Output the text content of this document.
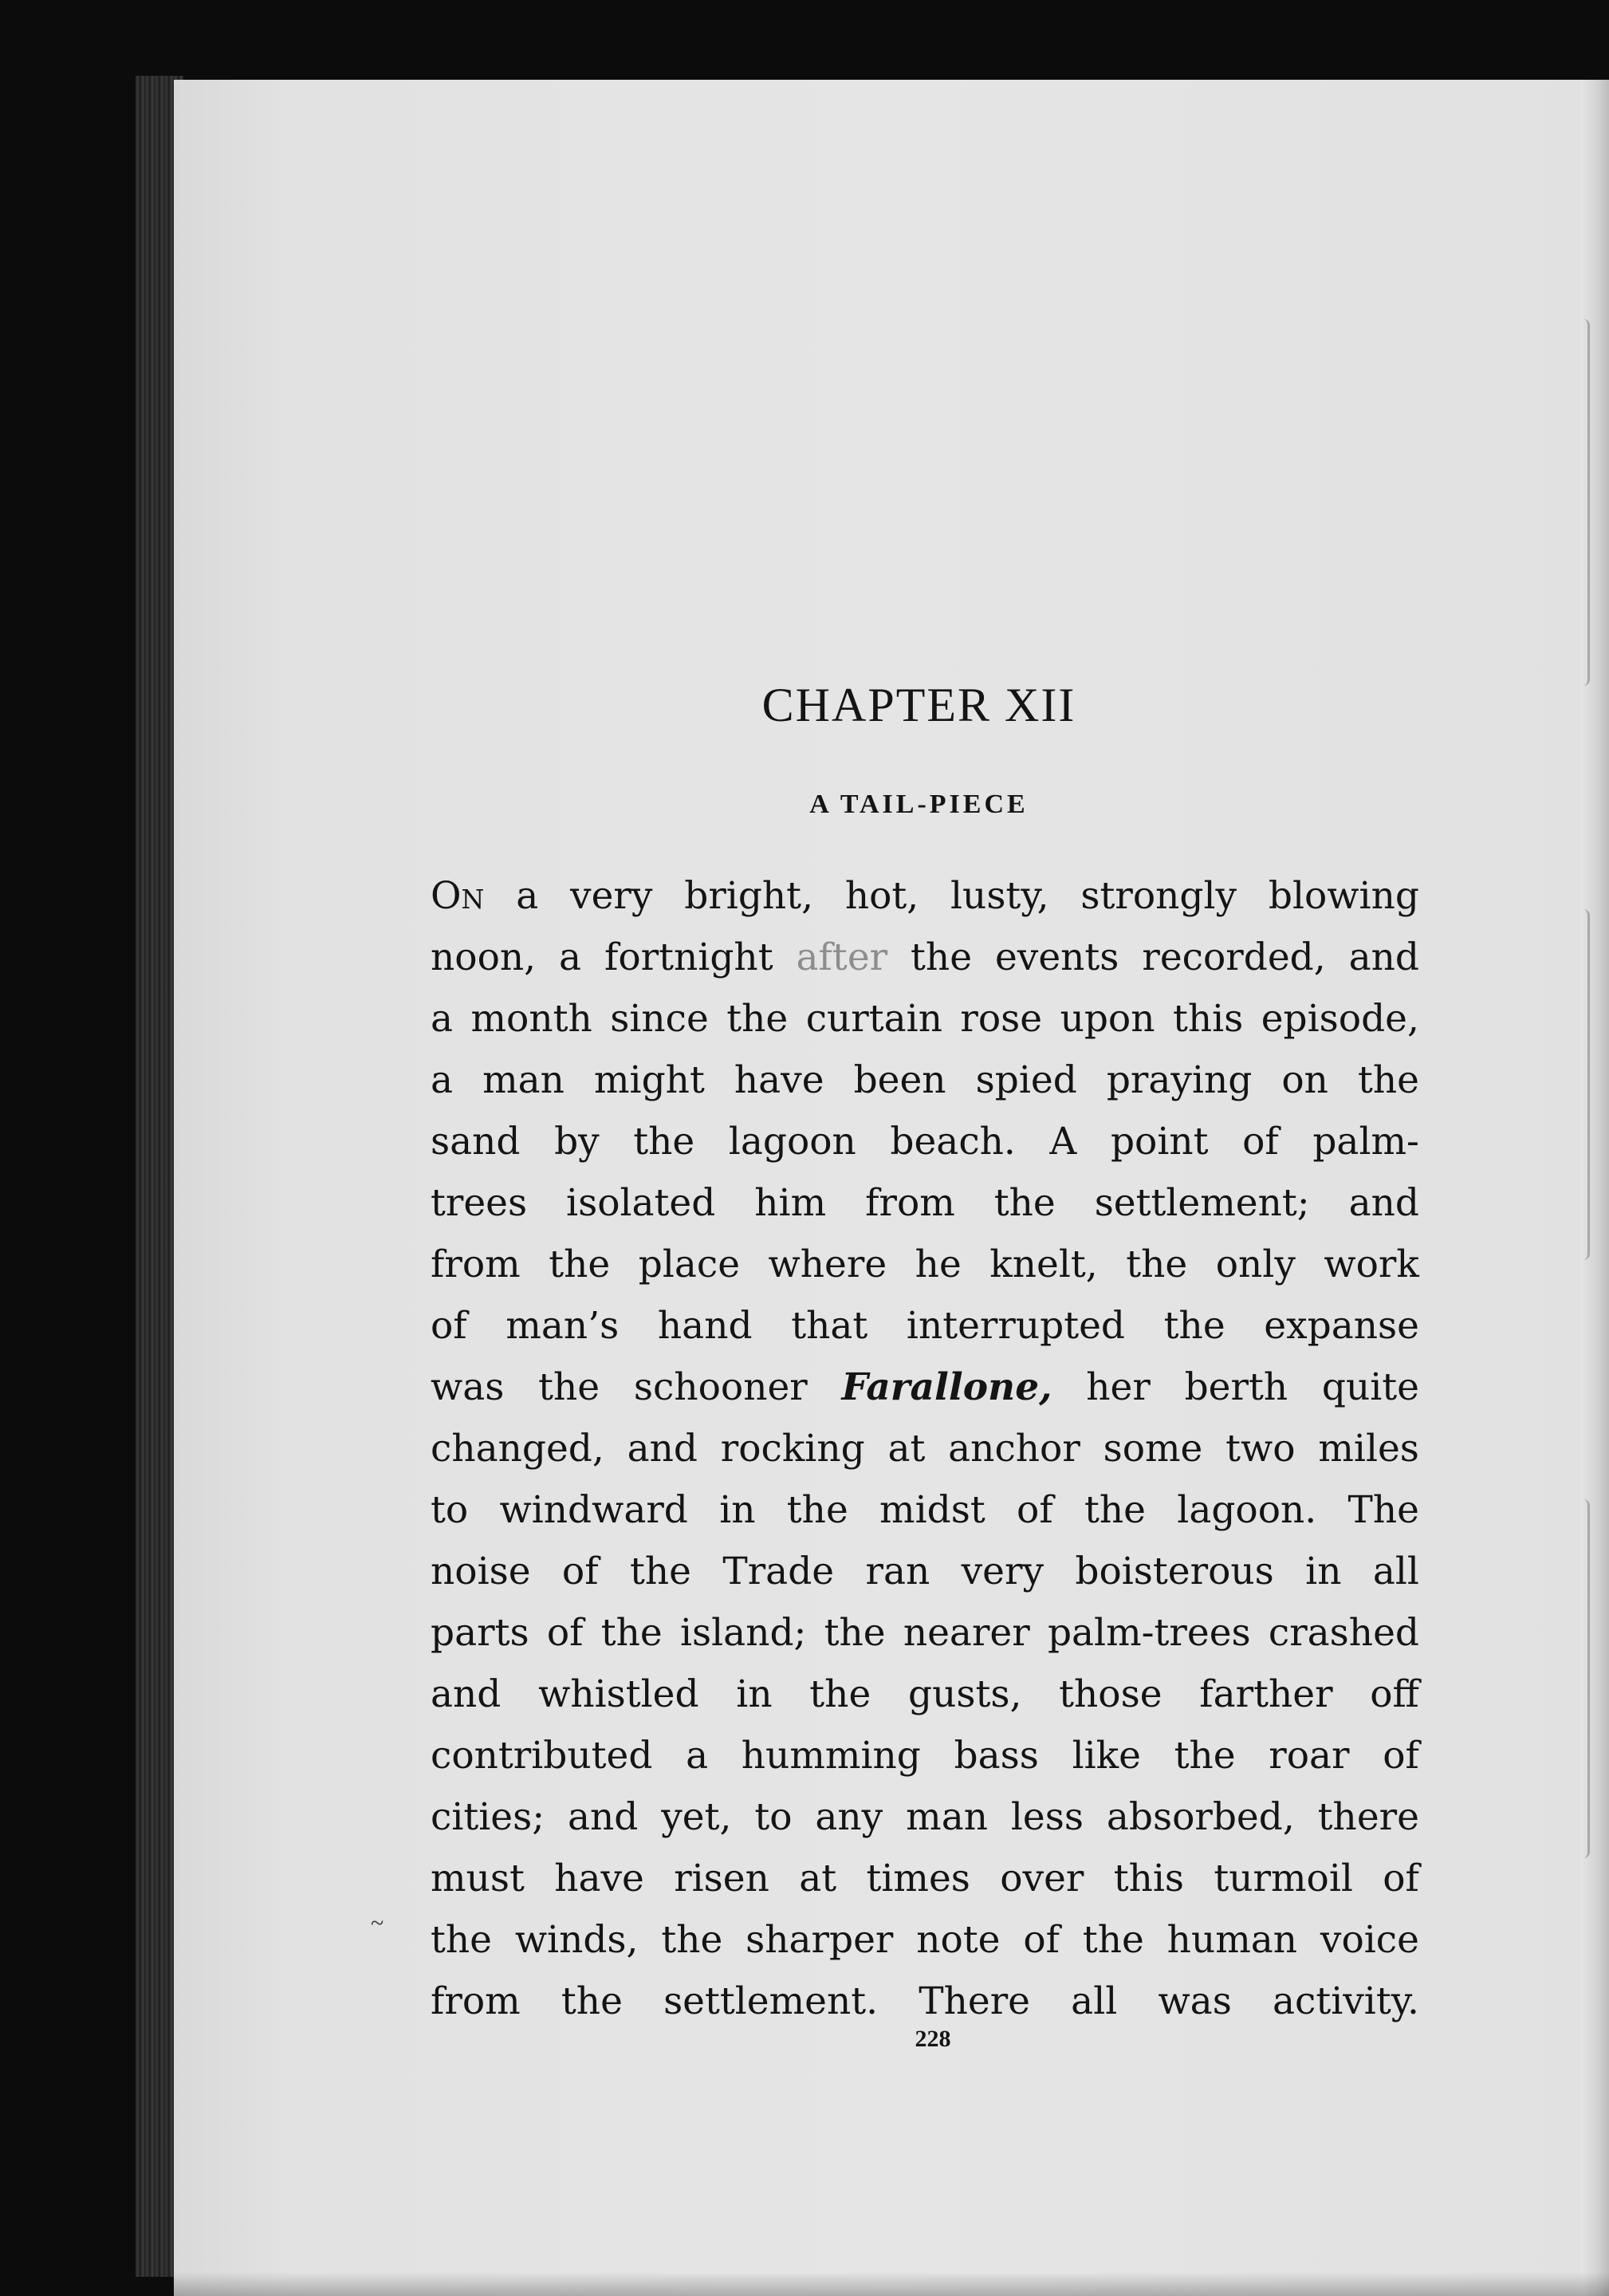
~
CHAPTER XII
A TAIL-PIECE
On a very bright, hot, lusty, strongly blowing
noon, a fortnight after the events recorded, and
a month since the curtain rose upon this episode,
a man might have been spied praying on the
sand by the lagoon beach. A point of palm-
trees isolated him from the settlement; and
from the place where he knelt, the only work
of man’s hand that interrupted the expanse
was the schooner Farallone, her berth quite
changed, and rocking at anchor some two miles
to windward in the midst of the lagoon. The
noise of the Trade ran very boisterous in all
parts of the island; the nearer palm-trees crashed
and whistled in the gusts, those farther off
contributed a humming bass like the roar of
cities; and yet, to any man less absorbed, there
must have risen at times over this turmoil of
the winds, the sharper note of the human voice
from the settlement. There all was activity.
228
